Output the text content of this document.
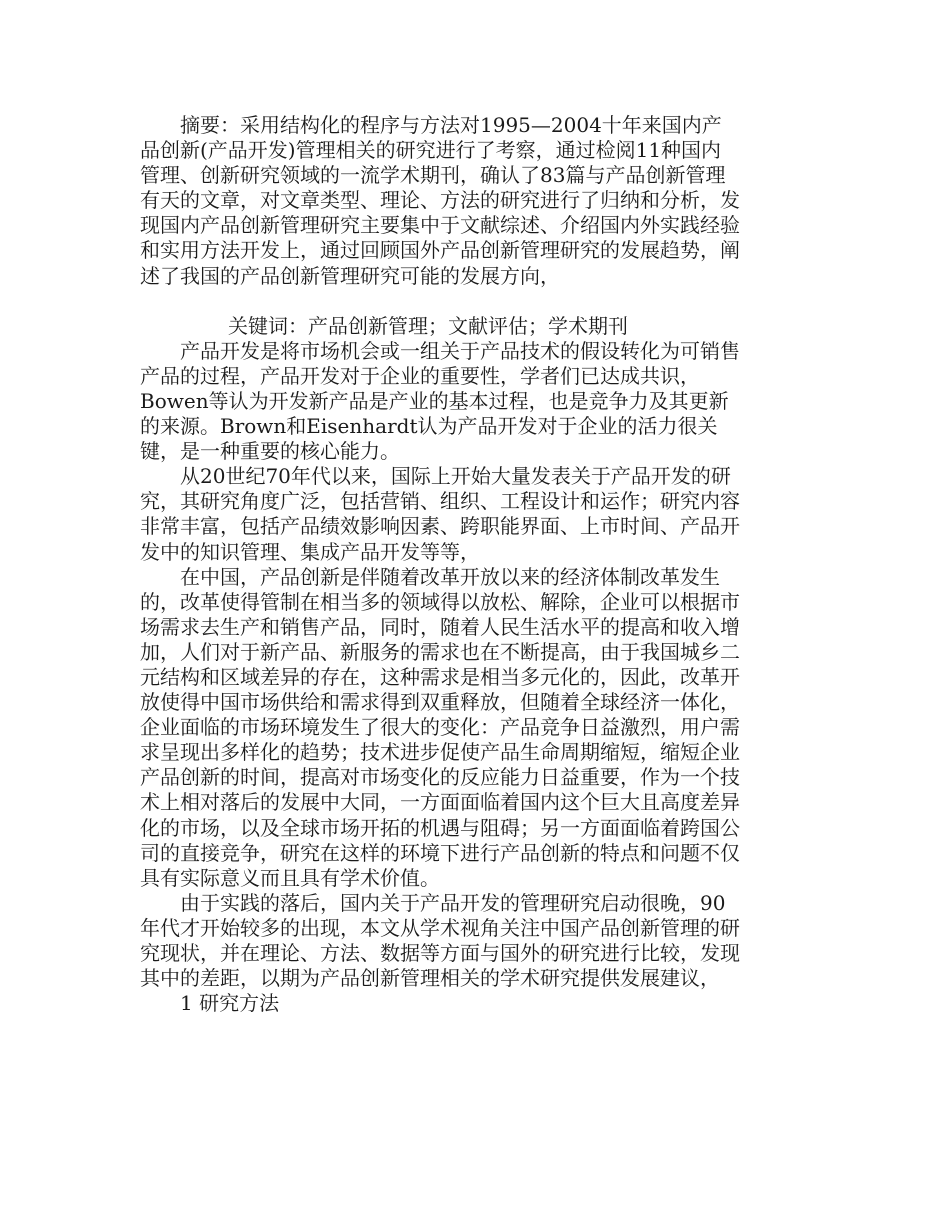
摘要：采用结构化的程序与方法对1995—2004十年来国内产品创新(产品开发)管理相关的研究进行了考察，通过检阅11种国内管理、创新研究领域的一流学术期刊，确认了83篇与产品创新管理有天的文章，对文章类型、理论、方法的研究进行了归纳和分析，发现国内产品创新管理研究主要集中于文献综述、介绍国内外实践经验和实用方法开发上，通过回顾国外产品创新管理研究的发展趋势，阐述了我国的产品创新管理研究可能的发展方向，

关键词：产品创新管理；文献评估；学术期刊

产品开发是将市场机会或一组关于产品技术的假设转化为可销售产品的过程，产品开发对于企业的重要性，学者们已达成共识，Bowen等认为开发新产品是产业的基本过程，也是竞争力及其更新的来源。Brown和Eisenhardt认为产品开发对于企业的活力很关键，是一种重要的核心能力。

从20世纪70年代以来，国际上开始大量发表关于产品开发的研究，其研究角度广泛，包括营销、组织、工程设计和运作；研究内容非常丰富，包括产品绩效影响因素、跨职能界面、上市时间、产品开发中的知识管理、集成产品开发等等，

在中国，产品创新是伴随着改革开放以来的经济体制改革发生的，改革使得管制在相当多的领域得以放松、解除，企业可以根据市场需求去生产和销售产品，同时，随着人民生活水平的提高和收入增加，人们对于新产品、新服务的需求也在不断提高，由于我国城乡二元结构和区域差异的存在，这种需求是相当多元化的，因此，改革开放使得中国市场供给和需求得到双重释放，但随着全球经济一体化，企业面临的市场环境发生了很大的变化：产品竞争日益激烈，用户需求呈现出多样化的趋势；技术进步促使产品生命周期缩短，缩短企业产品创新的时间，提高对市场变化的反应能力日益重要，作为一个技术上相对落后的发展中大同，一方面面临着国内这个巨大且高度差异化的市场，以及全球市场开拓的机遇与阻碍；另一方面面临着跨国公司的直接竞争，研究在这样的环境下进行产品创新的特点和问题不仅具有实际意义而且具有学术价值。

由于实践的落后，国内关于产品开发的管理研究启动很晚，90年代才开始较多的出现，本文从学术视角关注中国产品创新管理的研究现状，并在理论、方法、数据等方面与国外的研究进行比较，发现其中的差距，以期为产品创新管理相关的学术研究提供发展建议，

1 研究方法
